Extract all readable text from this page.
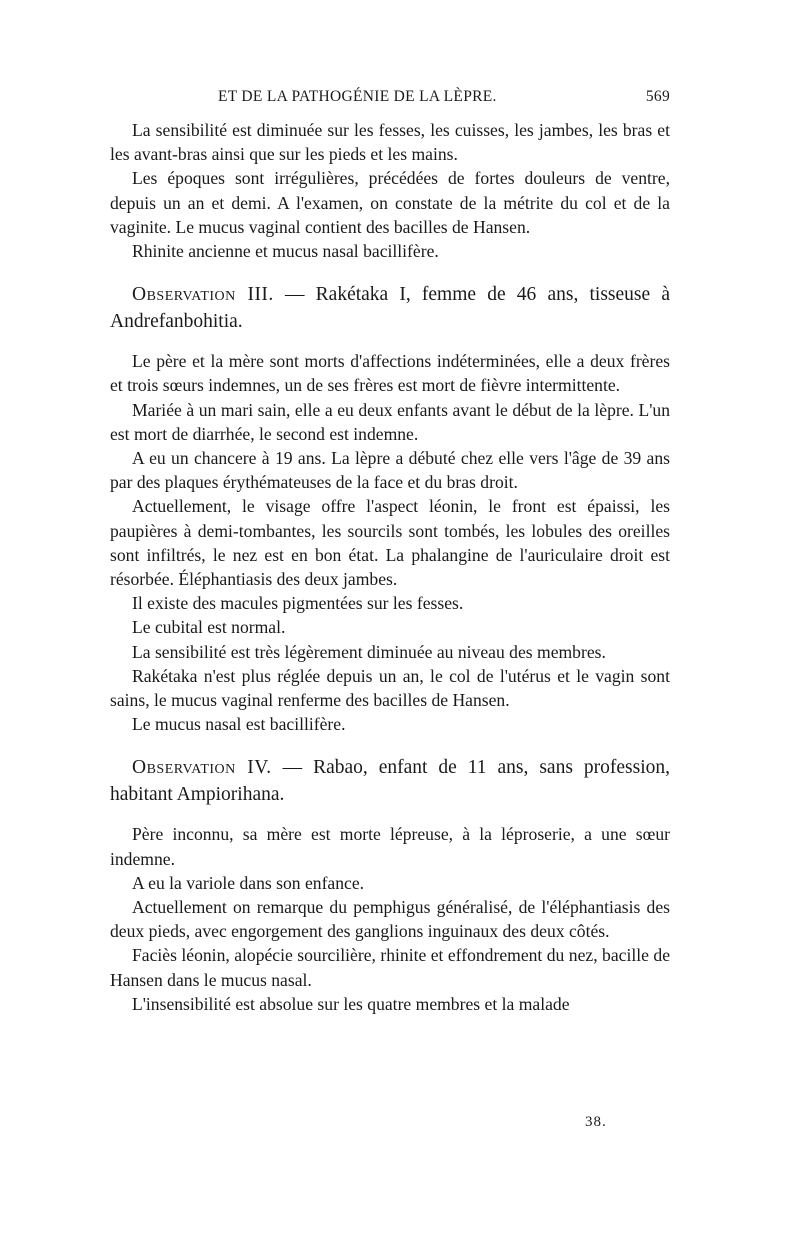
ET DE LA PATHOGÉNIE DE LA LÈPRE.	569

La sensibilité est diminuée sur les fesses, les cuisses, les jambes, les bras et les avant-bras ainsi que sur les pieds et les mains.

Les époques sont irrégulières, précédées de fortes douleurs de ventre, depuis un an et demi. A l'examen, on constate de la métrite du col et de la vaginite. Le mucus vaginal contient des bacilles de Hansen.

Rhinite ancienne et mucus nasal bacillifère.

Observation III. — Rakétaka I, femme de 46 ans, tisseuse à Andrefanbohitia.

Le père et la mère sont morts d'affections indéterminées, elle a deux frères et trois sœurs indemnes, un de ses frères est mort de fièvre intermittente.

Mariée à un mari sain, elle a eu deux enfants avant le début de la lèpre. L'un est mort de diarrhée, le second est indemne.

A eu un chancere à 19 ans. La lèpre a débuté chez elle vers l'âge de 39 ans par des plaques érythémateuses de la face et du bras droit.

Actuellement, le visage offre l'aspect léonin, le front est épaissi, les paupières à demi-tombantes, les sourcils sont tombés, les lobules des oreilles sont infiltrés, le nez est en bon état. La phalangine de l'auriculaire droit est résorbée. Éléphantiasis des deux jambes.

Il existe des macules pigmentées sur les fesses.

Le cubital est normal.

La sensibilité est très légèrement diminuée au niveau des membres.

Rakétaka n'est plus réglée depuis un an, le col de l'utérus et le vagin sont sains, le mucus vaginal renferme des bacilles de Hansen.

Le mucus nasal est bacillifère.

Observation IV. — Rabao, enfant de 11 ans, sans profession, habitant Ampiorihana.

Père inconnu, sa mère est morte lépreuse, à la léproserie, a une sœur indemne.

A eu la variole dans son enfance.

Actuellement on remarque du pemphigus généralisé, de l'éléphantiasis des deux pieds, avec engorgement des ganglions inguinaux des deux côtés.

Faciès léonin, alopécie sourcilière, rhinite et effondrement du nez, bacille de Hansen dans le mucus nasal.

L'insensibilité est absolue sur les quatre membres et la malade

38.
